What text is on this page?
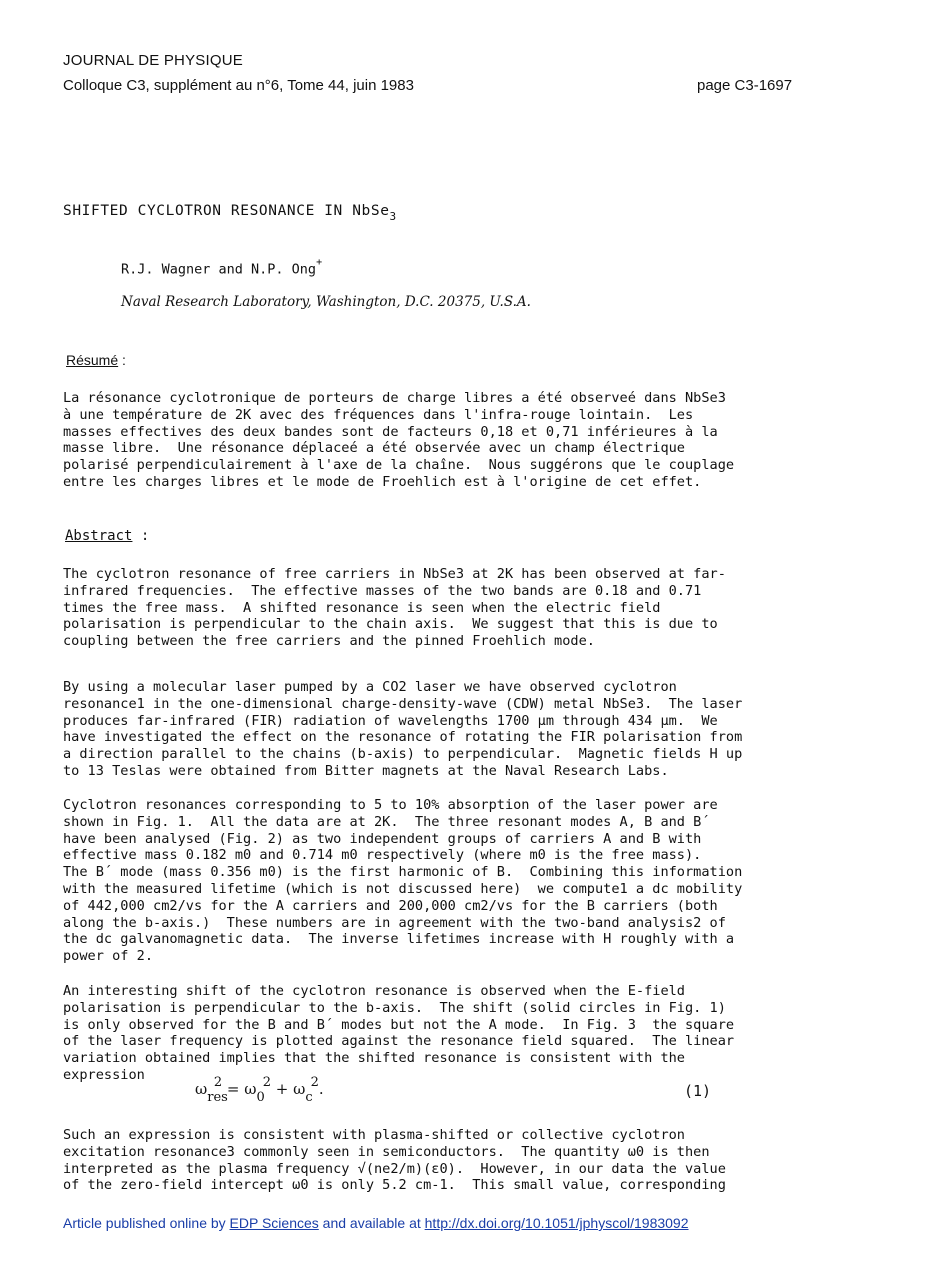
JOURNAL DE PHYSIQUE
Colloque C3, supplément au n°6, Tome 44, juin 1983	page C3-1697
SHIFTED CYCLOTRON RESONANCE IN NbSe$_3$
R.J. Wagner and N.P. Ong+
Naval Research Laboratory, Washington, D.C. 20375, U.S.A.
Résumé :
La résonance cyclotronique de porteurs de charge libres a été observeé dans NbSe3
à une température de 2K avec des fréquences dans l'infra-rouge lointain.  Les
masses effectives des deux bandes sont de facteurs 0,18 et 0,71 inférieures à la
masse libre.  Une résonance déplaceé a été observée avec un champ électrique
polarisé perpendiculairement à l'axe de la chaîne.  Nous suggérons que le couplage
entre les charges libres et le mode de Froehlich est à l'origine de cet effet.
Abstract :
The cyclotron resonance of free carriers in NbSe3 at 2K has been observed at far-
infrared frequencies.  The effective masses of the two bands are 0.18 and 0.71
times the free mass.  A shifted resonance is seen when the electric field
polarisation is perpendicular to the chain axis.  We suggest that this is due to
coupling between the free carriers and the pinned Froehlich mode.
By using a molecular laser pumped by a CO2 laser we have observed cyclotron
resonance1 in the one-dimensional charge-density-wave (CDW) metal NbSe3.  The laser
produces far-infrared (FIR) radiation of wavelengths 1700 µm through 434 µm.  We
have investigated the effect on the resonance of rotating the FIR polarisation from
a direction parallel to the chains (b-axis) to perpendicular.  Magnetic fields H up
to 13 Teslas were obtained from Bitter magnets at the Naval Research Labs.
Cyclotron resonances corresponding to 5 to 10% absorption of the laser power are
shown in Fig. 1.  All the data are at 2K.  The three resonant modes A, B and B´
have been analysed (Fig. 2) as two independent groups of carriers A and B with
effective mass 0.182 m0 and 0.714 m0 respectively (where m0 is the free mass).
The B´ mode (mass 0.356 m0) is the first harmonic of B.  Combining this information
with the measured lifetime (which is not discussed here)  we compute1 a dc mobility
of 442,000 cm2/vs for the A carriers and 200,000 cm2/vs for the B carriers (both
along the b-axis.)  These numbers are in agreement with the two-band analysis2 of
the dc galvanomagnetic data.  The inverse lifetimes increase with H roughly with a
power of 2.
An interesting shift of the cyclotron resonance is observed when the E-field
polarisation is perpendicular to the b-axis.  The shift (solid circles in Fig. 1)
is only observed for the B and B´ modes but not the A mode.  In Fig. 3  the square
of the laser frequency is plotted against the resonance field squared.  The linear
variation obtained implies that the shifted resonance is consistent with the
expression
ωres2 = ω02 + ωc2.	(1)
Such an expression is consistent with plasma-shifted or collective cyclotron
excitation resonance3 commonly seen in semiconductors.  The quantity ω0 is then
interpreted as the plasma frequency √(ne2/m)(ε0).  However, in our data the value
of the zero-field intercept ω0 is only 5.2 cm-1.  This small value, corresponding
Article published online by EDP Sciences and available at http://dx.doi.org/10.1051/jphyscol/1983092
